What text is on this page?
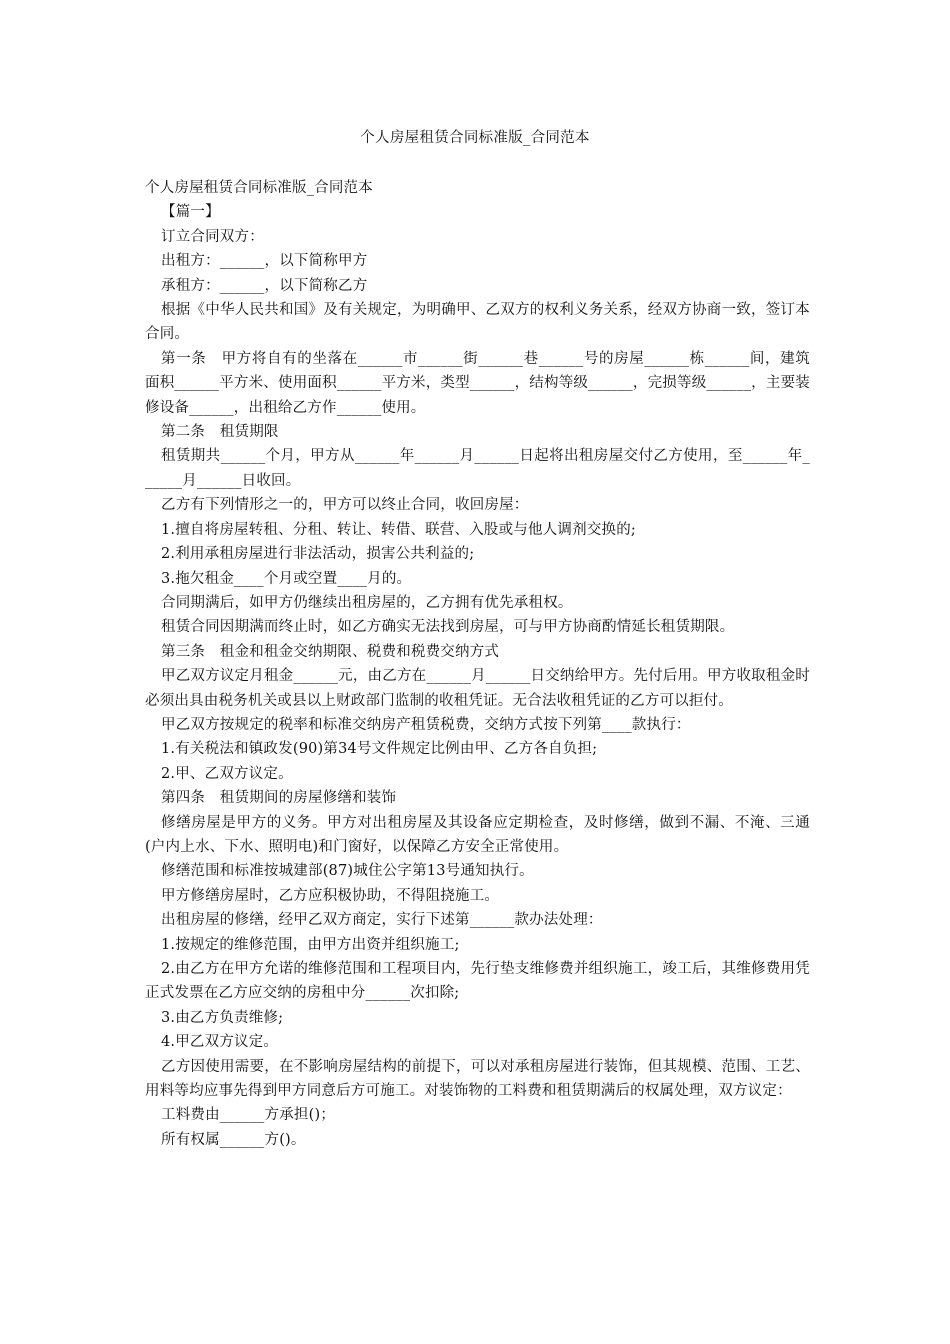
个人房屋租赁合同标准版_合同范本

个人房屋租赁合同标准版_合同范本

【篇一】

订立合同双方：

出租方：______，以下简称甲方

承租方：______，以下简称乙方

根据《中华人民共和国》及有关规定，为明确甲、乙双方的权利义务关系，经双方协商一致，签订本合同。

第一条　甲方将自有的坐落在______市______街______巷______号的房屋______栋______间，建筑面积______平方米、使用面积______平方米，类型______，结构等级______，完损等级______，主要装修设备______，出租给乙方作______使用。

第二条　租赁期限

租赁期共______个月，甲方从______年______月______日起将出租房屋交付乙方使用，至______年______月______日收回。

乙方有下列情形之一的，甲方可以终止合同，收回房屋：

1.擅自将房屋转租、分租、转让、转借、联营、入股或与他人调剂交换的;

2.利用承租房屋进行非法活动，损害公共利益的;

3.拖欠租金____个月或空置____月的。

合同期满后，如甲方仍继续出租房屋的，乙方拥有优先承租权。

租赁合同因期满而终止时，如乙方确实无法找到房屋，可与甲方协商酌情延长租赁期限。

第三条　租金和租金交纳期限、税费和税费交纳方式

甲乙双方议定月租金______元，由乙方在______月______日交纳给甲方。先付后用。甲方收取租金时必须出具由税务机关或县以上财政部门监制的收租凭证。无合法收租凭证的乙方可以拒付。

甲乙双方按规定的税率和标准交纳房产租赁税费，交纳方式按下列第____款执行：

1.有关税法和镇政发(90)第34号文件规定比例由甲、乙方各自负担;

2.甲、乙双方议定。

第四条　租赁期间的房屋修缮和装饰

修缮房屋是甲方的义务。甲方对出租房屋及其设备应定期检查，及时修缮，做到不漏、不淹、三通(户内上水、下水、照明电)和门窗好，以保障乙方安全正常使用。

修缮范围和标准按城建部(87)城住公字第13号通知执行。

甲方修缮房屋时，乙方应积极协助，不得阻挠施工。

出租房屋的修缮，经甲乙双方商定，实行下述第______款办法处理：

1.按规定的维修范围，由甲方出资并组织施工;

2.由乙方在甲方允诺的维修范围和工程项目内，先行垫支维修费并组织施工，竣工后，其维修费用凭正式发票在乙方应交纳的房租中分______次扣除;

3.由乙方负责维修;

4.甲乙双方议定。

乙方因使用需要，在不影响房屋结构的前提下，可以对承租房屋进行装饰，但其规模、范围、工艺、用料等均应事先得到甲方同意后方可施工。对装饰物的工料费和租赁期满后的权属处理，双方议定：

工料费由______方承担()；

所有权属______方()。
